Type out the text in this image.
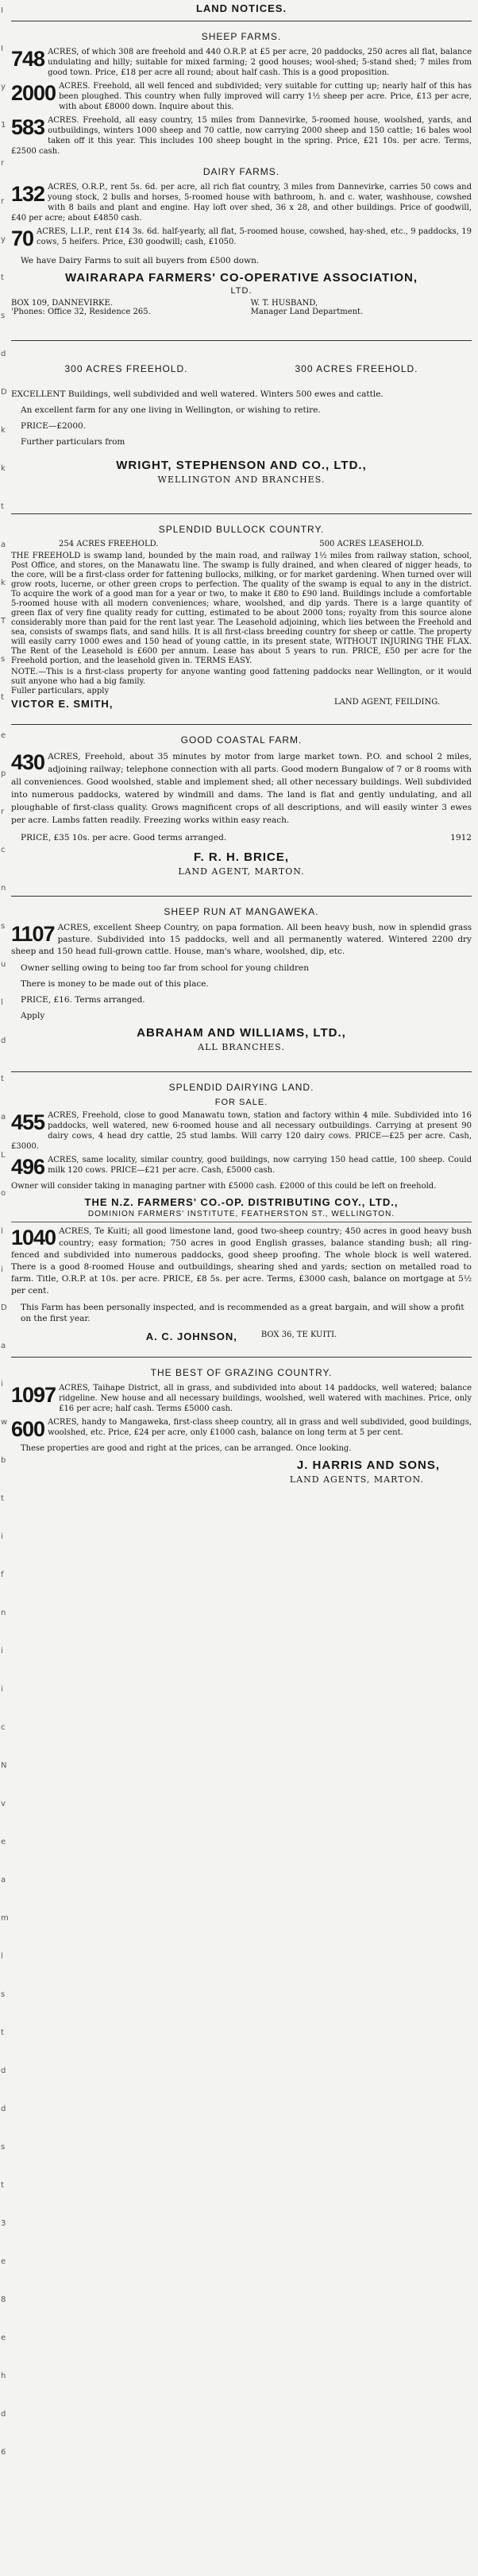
I
I
y
1
r
r
y
t
s
d
D
k
k
t
a
k
T
s
t
e
p
r
c
n
s
u
l
d
t
a
L
o
l
i
D
a
i
w
b
t
i
f
n
i
i
c
N
v
e
a
m
l
s
t
d
d
s
t
3
e
8
e
h
d
6
LAND NOTICES.
SHEEP FARMS.
748 ACRES, of which 308 are freehold and 440 O.R.P. at £5 per acre, 20 paddocks, 250 acres all flat, balance undulating and hilly; suitable for mixed farming; 2 good houses; wool-shed; 5-stand shed; 7 miles from good town. Price, £18 per acre all round; about half cash. This is a good proposition.
2000 ACRES. Freehold, all well fenced and subdivided; very suitable for cutting up; nearly half of this has been ploughed. This country when fully improved will carry 1½ sheep per acre. Price, £13 per acre, with about £8000 down. Inquire about this.
583 ACRES. Freehold, all easy country, 15 miles from Dannevirke, 5-roomed house, woolshed, yards, and outbuildings, winters 1000 sheep and 70 cattle, now carrying 2000 sheep and 150 cattle; 16 bales wool taken off it this year. This includes 100 sheep bought in the spring. Price, £21 10s. per acre. Terms, £2500 cash.
DAIRY FARMS.
132 ACRES, O.R.P., rent 5s. 6d. per acre, all rich flat country, 3 miles from Dannevirke, carries 50 cows and young stock, 2 bulls and horses, 5-roomed house with bathroom, h. and c. water, washhouse, cowshed with 8 bails and plant and engine. Hay loft over shed, 36 x 28, and other buildings. Price of goodwill, £40 per acre; about £4850 cash.
70 ACRES, L.I.P., rent £14 3s. 6d. half-yearly, all flat, 5-roomed house, cowshed, hay-shed, etc., 9 paddocks, 19 cows, 5 heifers. Price, £30 goodwill; cash, £1050.
We have Dairy Farms to suit all buyers from £500 down.
WAIRARAPA FARMERS' CO-OPERATIVE ASSOCIATION,
LTD.
BOX 109, DANNEVIRKE.	W. T. HUSBAND,
'Phones: Office 32, Residence 265.	Manager Land Department.
300 ACRES FREEHOLD.	300 ACRES FREEHOLD.
EXCELLENT Buildings, well subdivided and well watered. Winters 500 ewes and cattle.
An excellent farm for any one living in Wellington, or wishing to retire.
PRICE—£2000.
Further particulars from
WRIGHT, STEPHENSON AND CO., LTD.,
WELLINGTON AND BRANCHES.
SPLENDID BULLOCK COUNTRY.
254 ACRES FREEHOLD.	500 ACRES LEASEHOLD.
THE FREEHOLD is swamp land, bounded by the main road, and railway 1½ miles from railway station, school, Post Office, and stores, on the Manawatu line. The swamp is fully drained, and when cleared of nigger heads, to the core, will be a first-class order for fattening bullocks, milking, or for market gardening. When turned over will grow roots, lucerne, or other green crops to perfection. The quality of the swamp is equal to any in the district. To acquire the work of a good man for a year or two, to make it £80 to £90 land. Buildings include a comfortable 5-roomed house with all modern conveniences; whare, woolshed, and dip yards. There is a large quantity of green flax of very fine quality ready for cutting, estimated to be about 2000 tons; royalty from this source alone considerably more than paid for the rent last year. The Leasehold adjoining, which lies between the Freehold and sea, consists of swamps flats, and sand hills. It is all first-class breeding country for sheep or cattle. The property will easily carry 1000 ewes and 150 head of young cattle, in its present state, WITHOUT INJURING THE FLAX. The Rent of the Leasehold is £600 per annum. Lease has about 5 years to run. PRICE, £50 per acre for the Freehold portion, and the leasehold given in. TERMS EASY.
NOTE.—This is a first-class property for anyone wanting good fattening paddocks near Wellington, or it would suit anyone who had a big family.
Fuller particulars, apply
VICTOR E. SMITH,	LAND AGENT, FEILDING.
GOOD COASTAL FARM.
430 ACRES, Freehold, about 35 minutes by motor from large market town. P.O. and school 2 miles, adjoining railway; telephone connection with all parts. Good modern Bungalow of 7 or 8 rooms with all conveniences. Good woolshed, stable and implement shed; all other necessary buildings. Well subdivided into numerous paddocks, watered by windmill and dams. The land is flat and gently undulating, and all ploughable of first-class quality. Grows magnificent crops of all descriptions, and will easily winter 3 ewes per acre. Lambs fatten readily. Freezing works within easy reach.
PRICE, £35 10s. per acre. Good terms arranged.	1912
F. R. H. BRICE,
LAND AGENT, MARTON.
SHEEP RUN AT MANGAWEKA.
1107 ACRES, excellent Sheep Country, on papa formation. All been heavy bush, now in splendid grass pasture. Subdivided into 15 paddocks, well and all permanently watered. Wintered 2200 dry sheep and 150 head full-grown cattle. House, man's whare, woolshed, dip, etc.
Owner selling owing to being too far from school for young children
There is money to be made out of this place.
PRICE, £16. Terms arranged.
Apply
ABRAHAM AND WILLIAMS, LTD.,
ALL BRANCHES.
SPLENDID DAIRYING LAND.
FOR SALE.
455 ACRES, Freehold, close to good Manawatu town, station and factory within 4 mile. Subdivided into 16 paddocks, well watered, new 6-roomed house and all necessary outbuildings. Carrying at present 90 dairy cows, 4 head dry cattle, 25 stud lambs. Will carry 120 dairy cows. PRICE—£25 per acre. Cash, £3000.
496 ACRES, same locality, similar country, good buildings, now carrying 150 head cattle, 100 sheep. Could milk 120 cows. PRICE—£21 per acre. Cash, £5000 cash.
Owner will consider taking in managing partner with £5000 cash. £2000 of this could be left on freehold.
THE N.Z. FARMERS' CO.-OP. DISTRIBUTING COY., LTD.,
DOMINION FARMERS' INSTITUTE, FEATHERSTON ST., WELLINGTON.
1040 ACRES, Te Kuiti; all good limestone land, good two-sheep country; 450 acres in good heavy bush country; easy formation; 750 acres in good English grasses, balance standing bush; all ring-fenced and subdivided into numerous paddocks, good sheep proofing. The whole block is well watered. There is a good 8-roomed House and outbuildings, shearing shed and yards; section on metalled road to farm. Title, O.R.P. at 10s. per acre. PRICE, £8 5s. per acre. Terms, £3000 cash, balance on mortgage at 5½ per cent.
This Farm has been personally inspected, and is recommended as a great bargain, and will show a profit on the first year.
A. C. JOHNSON,	BOX 36, TE KUITI.
THE BEST OF GRAZING COUNTRY.
1097 ACRES, Taihape District, all in grass, and subdivided into about 14 paddocks, well watered; balance ridgeline. New house and all necessary buildings, woolshed, well watered with machines. Price, only £16 per acre; half cash. Terms £5000 cash.
600 ACRES, handy to Mangaweka, first-class sheep country, all in grass and well subdivided, good buildings, woolshed, etc. Price, £24 per acre, only £1000 cash, balance on long term at 5 per cent.
These properties are good and right at the prices, can be arranged. Once looking.
J. HARRIS AND SONS,
LAND AGENTS, MARTON.
